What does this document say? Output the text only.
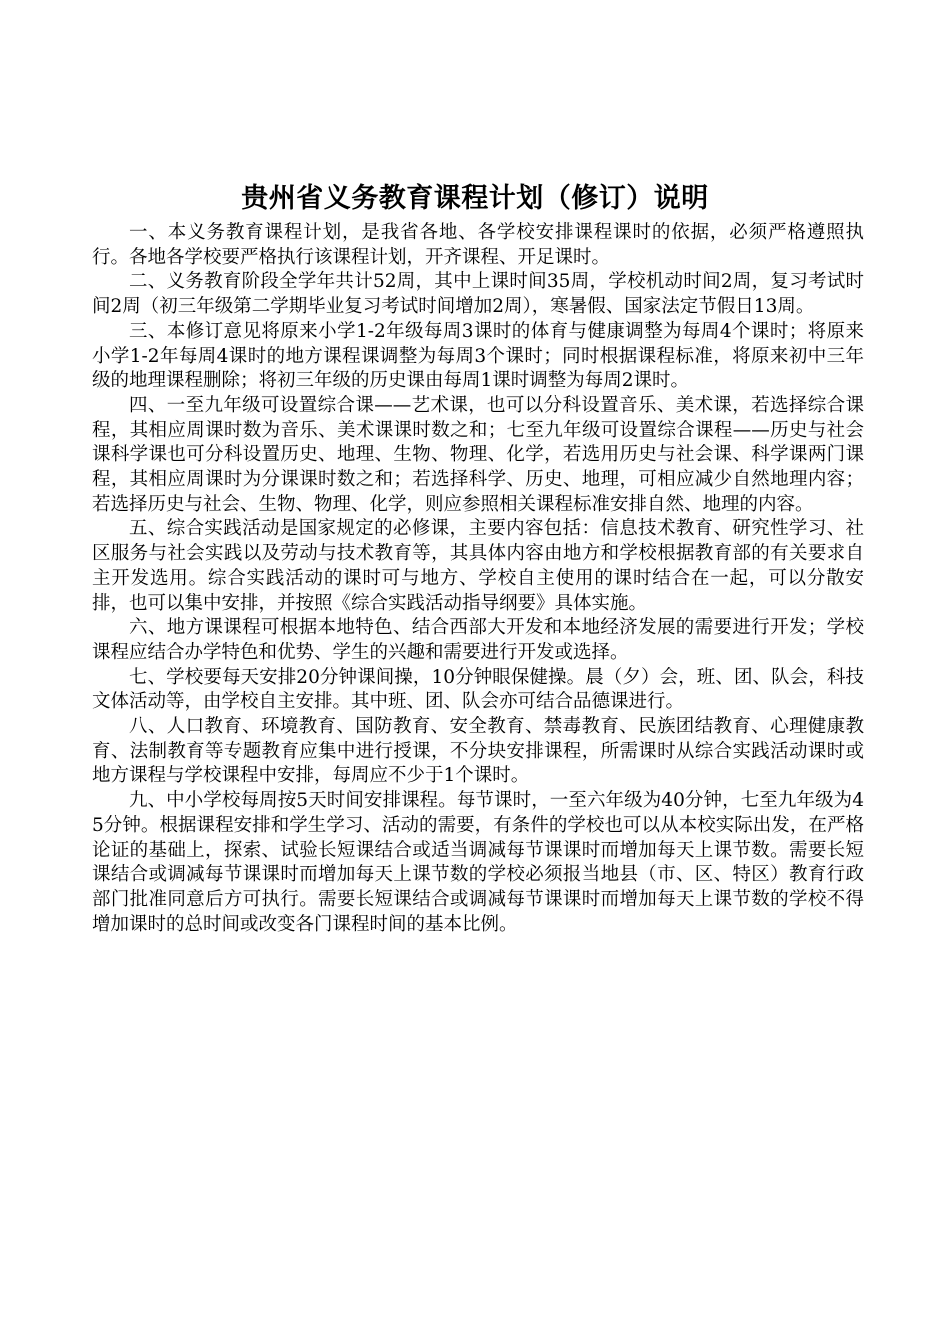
贵州省义务教育课程计划（修订）说明

一、本义务教育课程计划，是我省各地、各学校安排课程课时的依据，必须严格遵照执行。各地各学校要严格执行该课程计划，开齐课程、开足课时。

二、义务教育阶段全学年共计52周，其中上课时间35周，学校机动时间2周，复习考试时间2周（初三年级第二学期毕业复习考试时间增加2周），寒暑假、国家法定节假日13周。

三、本修订意见将原来小学1-2年级每周3课时的体育与健康调整为每周4个课时；将原来小学1-2年每周4课时的地方课程课调整为每周3个课时；同时根据课程标准，将原来初中三年级的地理课程删除；将初三年级的历史课由每周1课时调整为每周2课时。

四、一至九年级可设置综合课——艺术课，也可以分科设置音乐、美术课，若选择综合课程，其相应周课时数为音乐、美术课课时数之和；七至九年级可设置综合课程——历史与社会课科学课也可分科设置历史、地理、生物、物理、化学，若选用历史与社会课、科学课两门课程，其相应周课时为分课课时数之和；若选择科学、历史、地理，可相应减少自然地理内容；若选择历史与社会、生物、物理、化学，则应参照相关课程标准安排自然、地理的内容。

五、综合实践活动是国家规定的必修课，主要内容包括：信息技术教育、研究性学习、社区服务与社会实践以及劳动与技术教育等，其具体内容由地方和学校根据教育部的有关要求自主开发选用。综合实践活动的课时可与地方、学校自主使用的课时结合在一起，可以分散安排，也可以集中安排，并按照《综合实践活动指导纲要》具体实施。

六、地方课课程可根据本地特色、结合西部大开发和本地经济发展的需要进行开发；学校课程应结合办学特色和优势、学生的兴趣和需要进行开发或选择。

七、学校要每天安排20分钟课间操，10分钟眼保健操。晨（夕）会，班、团、队会，科技文体活动等，由学校自主安排。其中班、团、队会亦可结合品德课进行。

八、人口教育、环境教育、国防教育、安全教育、禁毒教育、民族团结教育、心理健康教育、法制教育等专题教育应集中进行授课，不分块安排课程，所需课时从综合实践活动课时或地方课程与学校课程中安排，每周应不少于1个课时。

九、中小学校每周按5天时间安排课程。每节课时，一至六年级为40分钟，七至九年级为45分钟。根据课程安排和学生学习、活动的需要，有条件的学校也可以从本校实际出发，在严格论证的基础上，探索、试验长短课结合或适当调减每节课课时而增加每天上课节数。需要长短课结合或调减每节课课时而增加每天上课节数的学校必须报当地县（市、区、特区）教育行政部门批准同意后方可执行。需要长短课结合或调减每节课课时而增加每天上课节数的学校不得增加课时的总时间或改变各门课程时间的基本比例。
